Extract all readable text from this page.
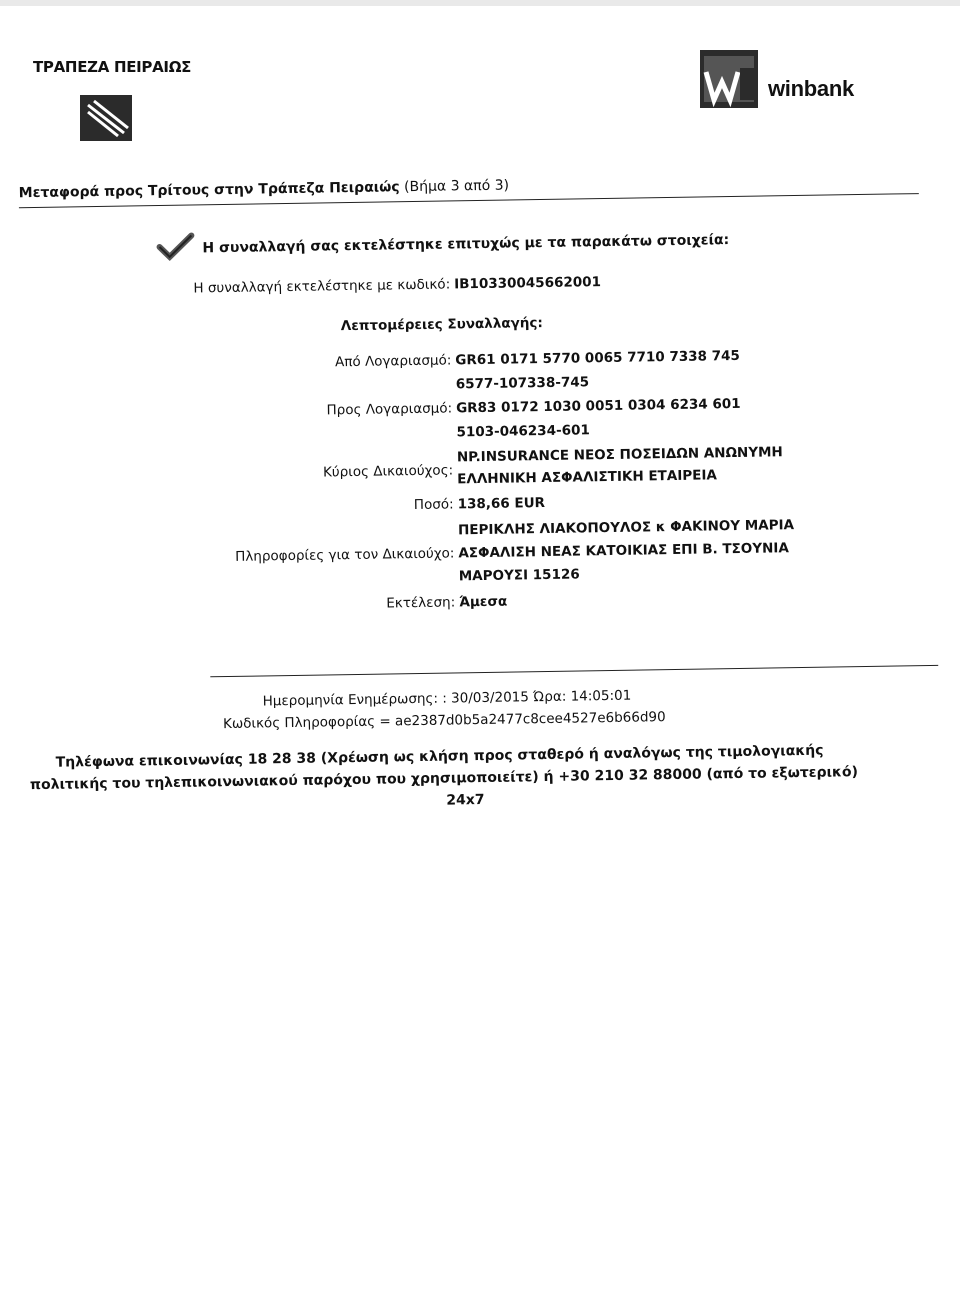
ΤΡΑΠΕΖΑ ΠΕΙΡΑΙΩΣ
winbank
Μεταφορά προς Τρίτους στην Τράπεζα Πειραιώς (Βήμα 3 από 3)
Η συναλλαγή σας εκτελέστηκε επιτυχώς με τα παρακάτω στοιχεία:
Η συναλλαγή εκτελέστηκε με κωδικό: IB10330045662001
Λεπτομέρειες Συναλλαγής:
Από Λογαριασμό: GR61 0171 5770 0065 7710 7338 745
6577-107338-745
Προς Λογαριασμό: GR83 0172 1030 0051 0304 6234 601
5103-046234-601
NP.INSURANCE ΝΕΟΣ ΠΟΣΕΙΔΩΝ ΑΝΩΝΥΜΗ
Κύριος Δικαιούχος: ΕΛΛΗΝΙΚΗ ΑΣΦΑΛΙΣΤΙΚΗ ΕΤΑΙΡΕΙΑ
Ποσό: 138,66 EUR
ΠΕΡΙΚΛΗΣ ΛΙΑΚΟΠΟΥΛΟΣ κ ΦΑΚΙΝΟΥ ΜΑΡΙΑ
Πληροφορίες για τον Δικαιούχο: ΑΣΦΑΛΙΣΗ ΝΕΑΣ ΚΑΤΟΙΚΙΑΣ ΕΠΙ Β. ΤΣΟΥΝΙΑ
ΜΑΡΟΥΣΙ 15126
Εκτέλεση: Άμεσα
Ημερομηνία Ενημέρωσης: : 30/03/2015 Ώρα: 14:05:01
Κωδικός Πληροφορίας = ae2387d0b5a2477c8cee4527e6b66d90
Τηλέφωνα επικοινωνίας 18 28 38 (Χρέωση ως κλήση προς σταθερό ή αναλόγως της τιμολογιακής
πολιτικής του τηλεπικοινωνιακού παρόχου που χρησιμοποιείτε) ή +30 210 32 88000 (από το εξωτερικό)
24x7
